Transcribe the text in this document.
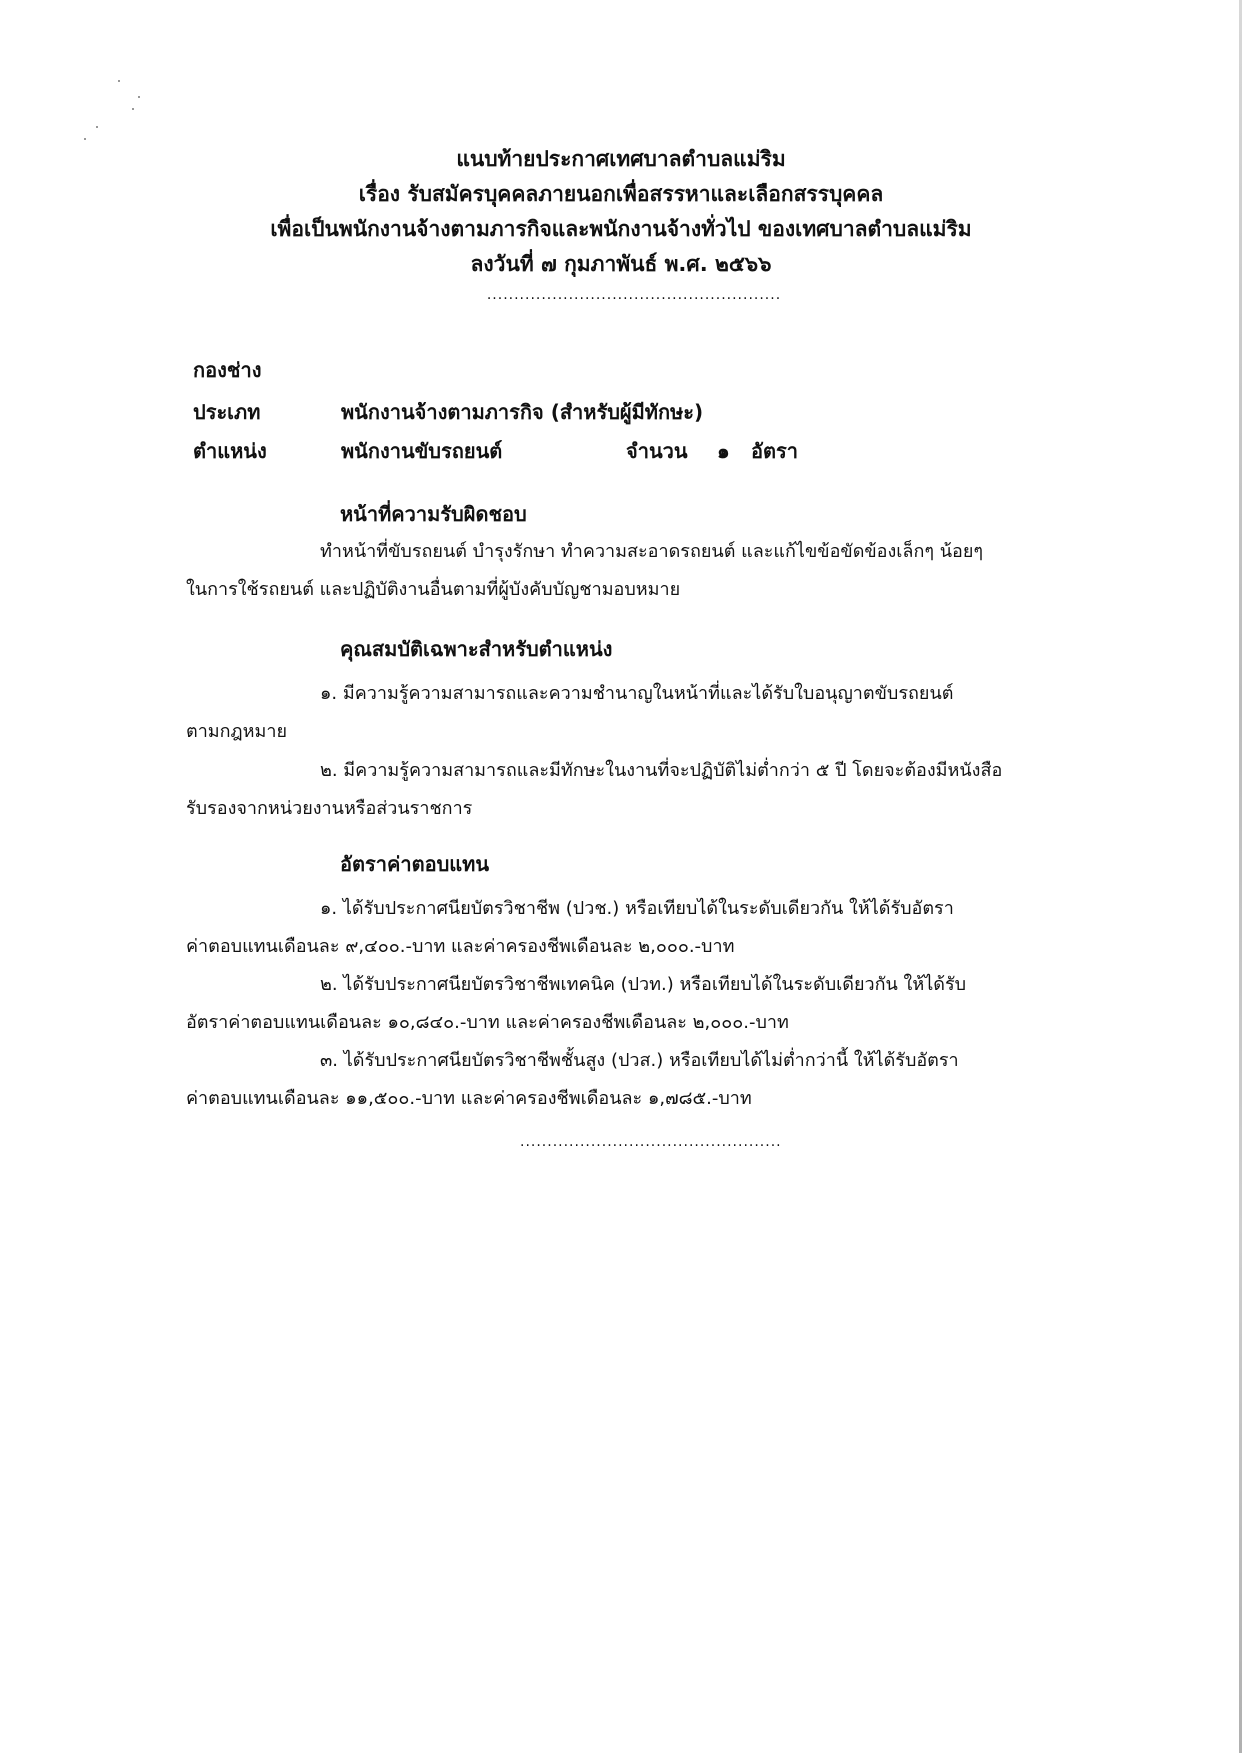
แนบท้ายประกาศเทศบาลตำบลแม่ริม
เรื่อง รับสมัครบุคคลภายนอกเพื่อสรรหาและเลือกสรรบุคคล
เพื่อเป็นพนักงานจ้างตามภารกิจและพนักงานจ้างทั่วไป ของเทศบาลตำบลแม่ริม
ลงวันที่ ๗ กุมภาพันธ์ พ.ศ. ๒๕๖๖
......................................................
กองช่าง
ประเภท	พนักงานจ้างตามภารกิจ (สำหรับผู้มีทักษะ)
ตำแหน่ง	พนักงานขับรถยนต์	จำนวน ๑ อัตรา
หน้าที่ความรับผิดชอบ
ทำหน้าที่ขับรถยนต์ บำรุงรักษา ทำความสะอาดรถยนต์ และแก้ไขข้อขัดข้องเล็กๆ น้อยๆ
ในการใช้รถยนต์ และปฏิบัติงานอื่นตามที่ผู้บังคับบัญชามอบหมาย
คุณสมบัติเฉพาะสำหรับตำแหน่ง
๑. มีความรู้ความสามารถและความชำนาญในหน้าที่และได้รับใบอนุญาตขับรถยนต์
ตามกฎหมาย
๒. มีความรู้ความสามารถและมีทักษะในงานที่จะปฏิบัติไม่ต่ำกว่า ๕ ปี โดยจะต้องมีหนังสือ
รับรองจากหน่วยงานหรือส่วนราชการ
อัตราค่าตอบแทน
๑. ได้รับประกาศนียบัตรวิชาชีพ (ปวช.) หรือเทียบได้ในระดับเดียวกัน ให้ได้รับอัตรา
ค่าตอบแทนเดือนละ ๙,๔๐๐.-บาท และค่าครองชีพเดือนละ ๒,๐๐๐.-บาท
๒. ได้รับประกาศนียบัตรวิชาชีพเทคนิค (ปวท.) หรือเทียบได้ในระดับเดียวกัน ให้ได้รับ
อัตราค่าตอบแทนเดือนละ ๑๐,๘๔๐.-บาท และค่าครองชีพเดือนละ ๒,๐๐๐.-บาท
๓. ได้รับประกาศนียบัตรวิชาชีพชั้นสูง (ปวส.) หรือเทียบได้ไม่ต่ำกว่านี้ ให้ได้รับอัตรา
ค่าตอบแทนเดือนละ ๑๑,๕๐๐.-บาท และค่าครองชีพเดือนละ ๑,๗๘๕.-บาท
................................................
